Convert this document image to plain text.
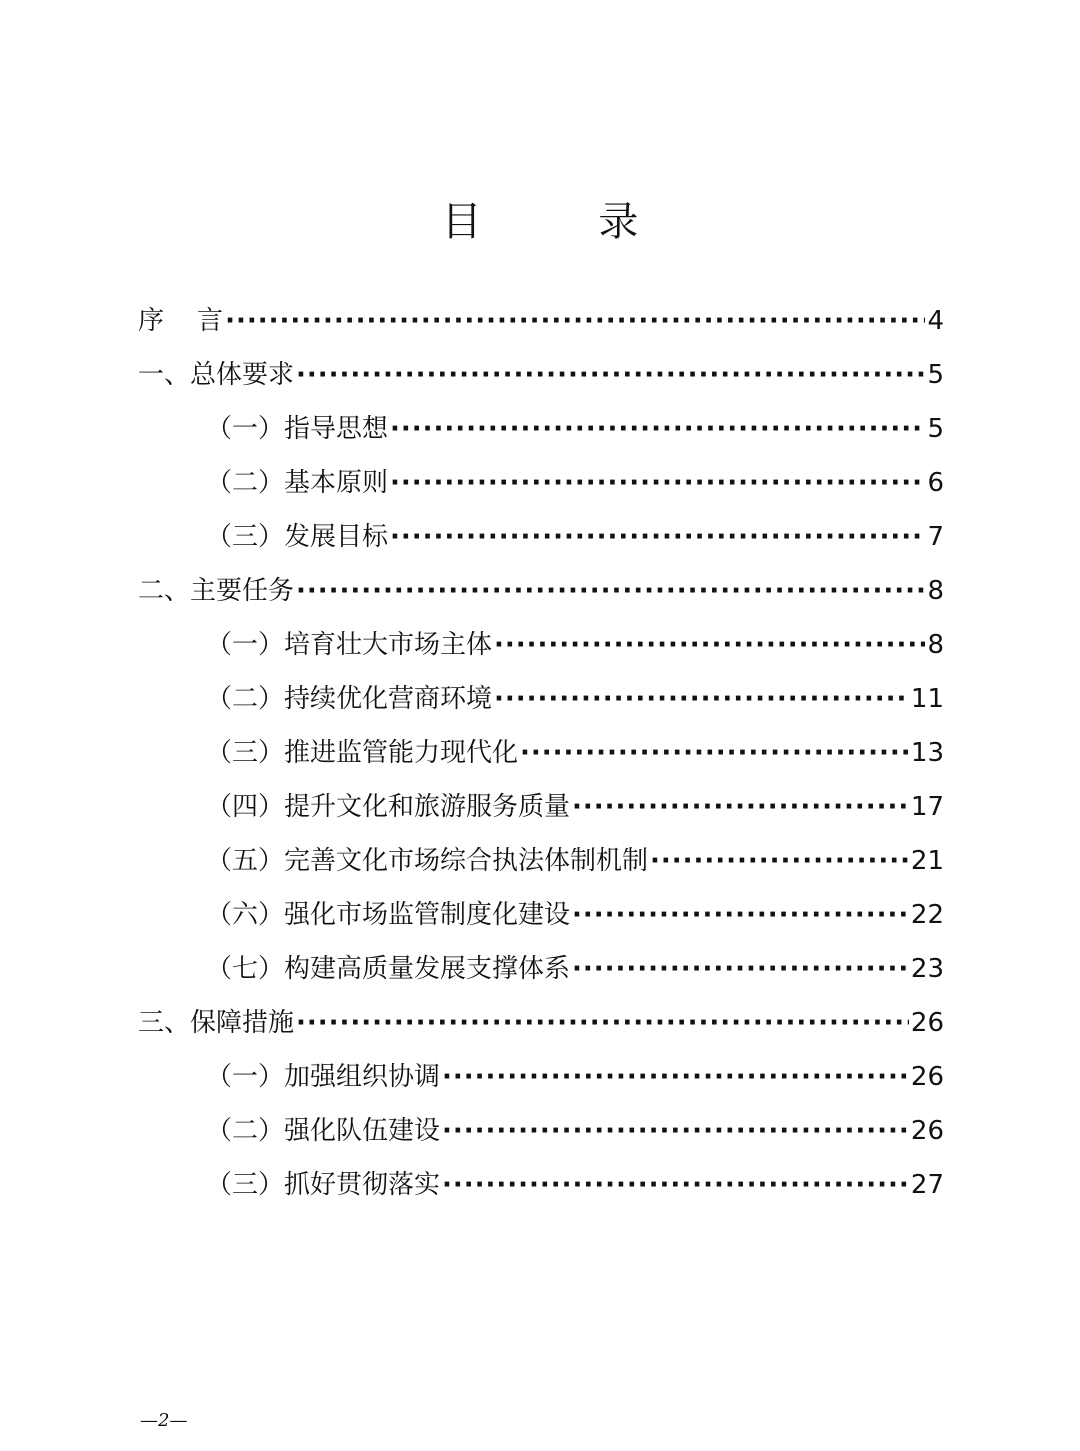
目 录
序    言 ·····	4
一、总体要求 ·····	5
（一）指导思想 ·····	5
（二）基本原则 ·····	6
（三）发展目标 ·····	7
二、主要任务 ·····	8
（一）培育壮大市场主体 ·····	8
（二）持续优化营商环境 ·····	11
（三）推进监管能力现代化 ·····	13
（四）提升文化和旅游服务质量 ·····	17
（五）完善文化市场综合执法体制机制 ·····	21
（六）强化市场监管制度化建设 ·····	22
（七）构建高质量发展支撑体系 ·····	23
三、保障措施 ·····	26
（一）加强组织协调 ·····	26
（二）强化队伍建设 ·····	26
（三）抓好贯彻落实 ·····	27
—2—
